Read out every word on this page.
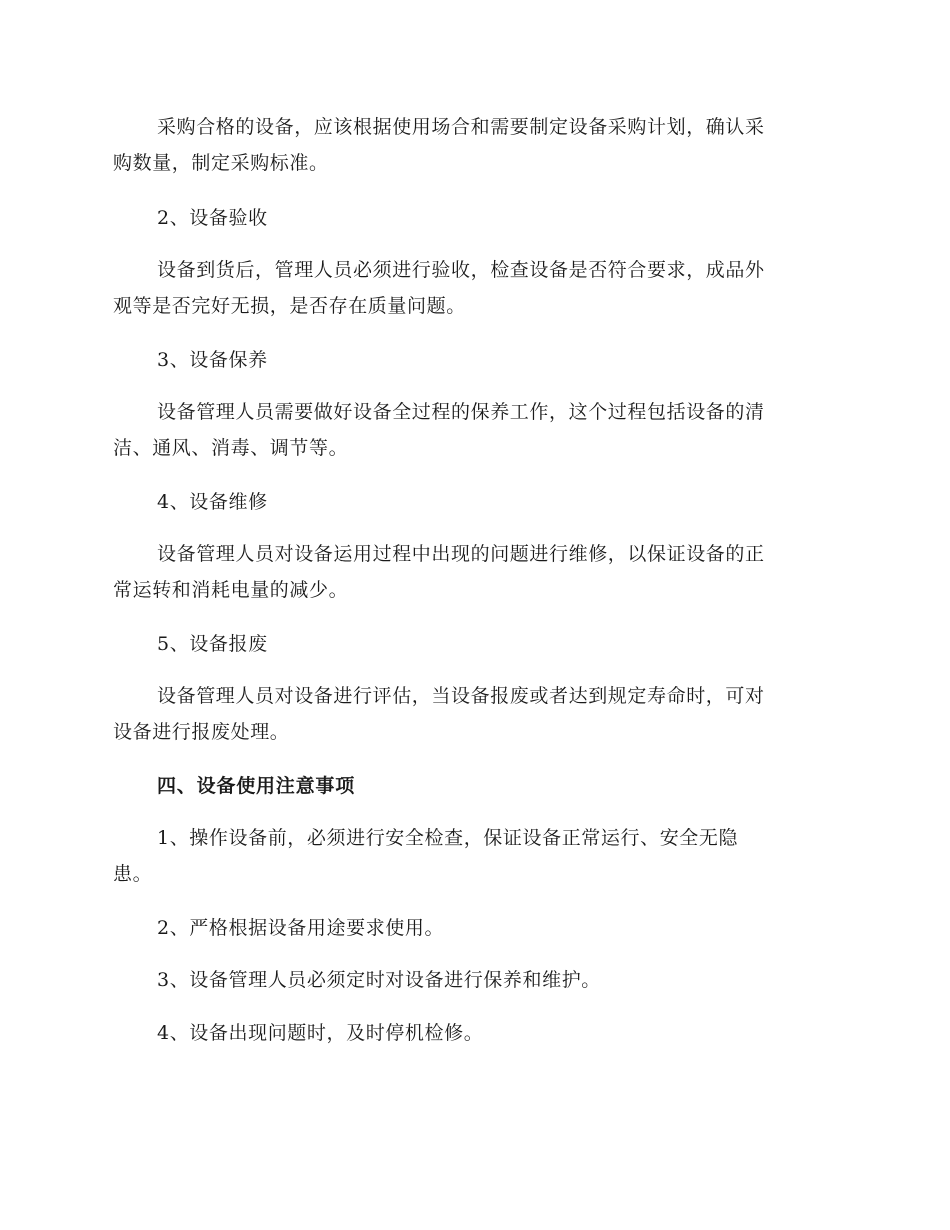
采购合格的设备，应该根据使用场合和需要制定设备采购计划，确认采
购数量，制定采购标准。
2、设备验收
设备到货后，管理人员必须进行验收，检查设备是否符合要求，成品外
观等是否完好无损，是否存在质量问题。
3、设备保养
设备管理人员需要做好设备全过程的保养工作，这个过程包括设备的清
洁、通风、消毒、调节等。
4、设备维修
设备管理人员对设备运用过程中出现的问题进行维修，以保证设备的正
常运转和消耗电量的减少。
5、设备报废
设备管理人员对设备进行评估，当设备报废或者达到规定寿命时，可对
设备进行报废处理。
四、设备使用注意事项
1、操作设备前，必须进行安全检查，保证设备正常运行、安全无隐
患。
2、严格根据设备用途要求使用。
3、设备管理人员必须定时对设备进行保养和维护。
4、设备出现问题时，及时停机检修。
